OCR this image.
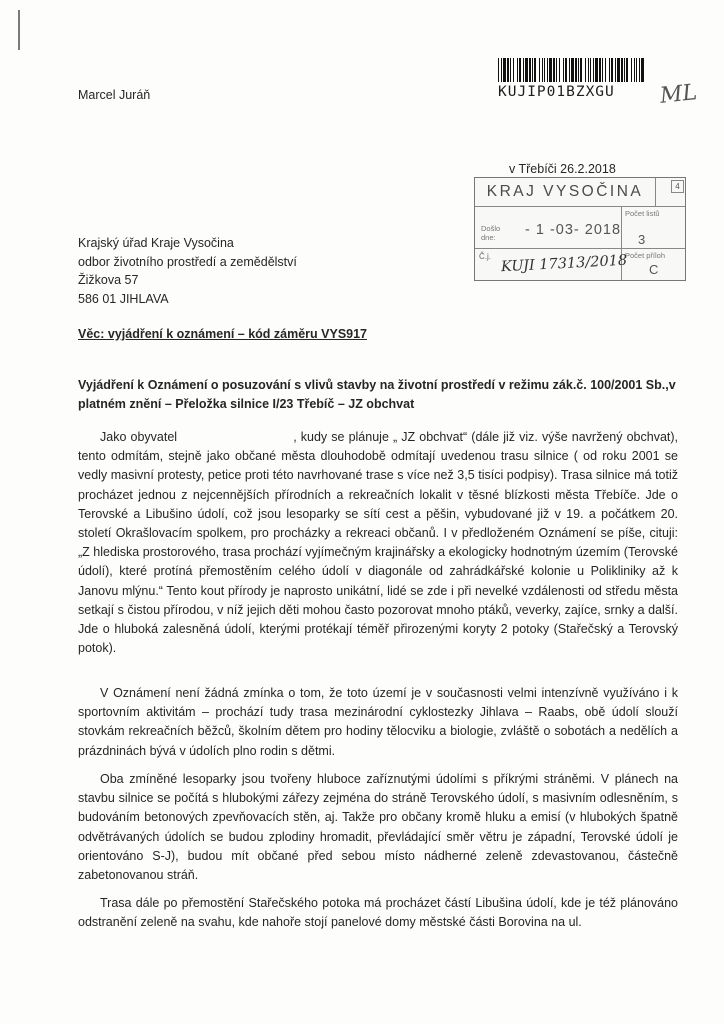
KUJIP01BZXGU	ML
Marcel Juráň
v Třebíči 26.2.2018
KRAJ VYSOČINA	4
Došlo
dne:	- 1 -03- 2018
Počet listů
3
Počet příloh
C
Č.j. KUJI 17313/2018
Krajský úřad Kraje Vysočina
odbor životního prostředí a zemědělství
Žižkova 57
586 01 JIHLAVA
Věc: vyjádření k oznámení – kód záměru VYS917
Vyjádření k Oznámení o posuzování s vlivů stavby na životní prostředí v režimu zák.č. 100/2001 Sb.,v platném znění – Přeložka silnice I/23 Třebíč – JZ obchvat
Jako obyvatel	, kudy se plánuje „ JZ obchvat“ (dále již viz. výše navržený obchvat), tento odmítám, stejně jako občané města dlouhodobě odmítají uvedenou trasu silnice ( od roku 2001 se vedly masivní protesty, petice proti této navrhované trase s více než 3,5 tisíci podpisy). Trasa silnice má totiž procházet jednou z nejcennějších přírodních a rekreačních lokalit v těsné blízkosti města Třebíče. Jde o Terovské a Libušino údolí, což jsou lesoparky se sítí cest a pěšin, vybudované již v 19. a počátkem 20. století Okrašlovacím spolkem, pro procházky a rekreaci občanů. I v předloženém Oznámení se píše, cituji: „Z hlediska prostorového, trasa prochází vyjímečným krajinářsky a ekologicky hodnotným územím (Terovské údolí), které protíná přemostěním celého údolí v diagonále od zahrádkářské kolonie u Polikliniky až k Janovu mlýnu.“ Tento kout přírody je naprosto unikátní, lidé se zde i při nevelké vzdálenosti od středu města setkají s čistou přírodou, v níž jejich děti mohou často pozorovat mnoho ptáků, veverky, zajíce, srnky a další. Jde o hluboká zalesněná údolí, kterými protékají téměř přirozenými koryty 2 potoky (Stařečský a Terovský potok).
V Oznámení není žádná zmínka o tom, že toto území je v současnosti velmi intenzívně využíváno i k sportovním aktivitám – prochází tudy trasa mezinárodní cyklostezky Jihlava – Raabs, obě údolí slouží stovkám rekreačních běžců, školním dětem pro hodiny tělocviku a biologie, zvláště o sobotách a nedělích a prázdninách bývá v údolích plno rodin s dětmi.
Oba zmíněné lesoparky jsou tvořeny hluboce zaříznutými údolími s příkrými stráněmi. V plánech na stavbu silnice se počítá s hlubokými zářezy zejména do stráně Terovského údolí, s masivním odlesněním, s budováním betonových zpevňovacích stěn, aj. Takže pro občany kromě hluku a emisí (v hlubokých špatně odvětrávaných údolích se budou zplodiny hromadit, převládající směr větru je západní, Terovské údolí je orientováno S-J), budou mít občané před sebou místo nádherné zeleně zdevastovanou, částečně zabetonovanou stráň.
Trasa dále po přemostění Stařečského potoka má procházet částí Libušina údolí, kde je též plánováno odstranění zeleně na svahu, kde nahoře stojí panelové domy městské části Borovina na ul.
